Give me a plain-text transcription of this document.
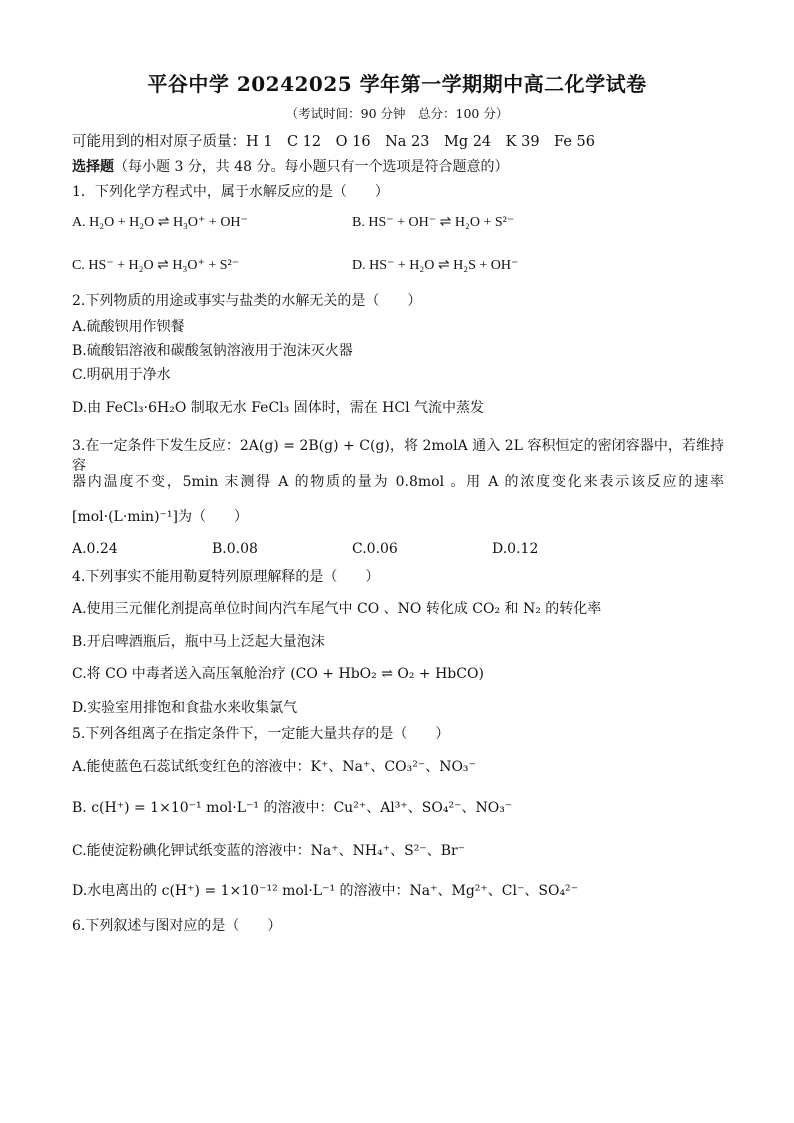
平谷中学 20242025 学年第一学期期中高二化学试卷
（考试时间：90 分钟　总分：100 分）
可能用到的相对原子质量：H 1　C 12　O 16　Na 23　Mg 24　K 39　Fe 56
选择题（每小题 3 分，共 48 分。每小题只有一个选项是符合题意的）
1．下列化学方程式中，属于水解反应的是（　　）
A. H₂O + H₂O ⇌ H₃O⁺ + OH⁻	B. HS⁻ + OH⁻ ⇌ H₂O + S²⁻
C. HS⁻ + H₂O ⇌ H₃O⁺ + S²⁻	D. HS⁻ + H₂O ⇌ H₂S + OH⁻
2.下列物质的用途或事实与盐类的水解无关的是（　　）
A.硫酸钡用作钡餐
B.硫酸铝溶液和碳酸氢钠溶液用于泡沫灭火器
C.明矾用于净水
D.由 FeCl₃·6H₂O 制取无水 FeCl₃ 固体时，需在 HCl 气流中蒸发
3.在一定条件下发生反应：2A(g) = 2B(g) + C(g)，将 2molA 通入 2L 容积恒定的密闭容器中，若维持容
器内温度不变，5min 末测得 A 的物质的量为 0.8mol 。用 A 的浓度变化来表示该反应的速率
[mol·(L·min)⁻¹]为（　　）
A.0.24	B.0.08	C.0.06	D.0.12
4.下列事实不能用勒夏特列原理解释的是（　　）
A.使用三元催化剂提高单位时间内汽车尾气中 CO 、NO 转化成 CO₂ 和 N₂ 的转化率
B.开启啤酒瓶后，瓶中马上泛起大量泡沫
C.将 CO 中毒者送入高压氧舱治疗 (CO + HbO₂ ⇌ O₂ + HbCO)
D.实验室用排饱和食盐水来收集氯气
5.下列各组离子在指定条件下，一定能大量共存的是（　　）
A.能使蓝色石蕊试纸变红色的溶液中：K⁺、Na⁺、CO₃²⁻、NO₃⁻
B. c(H⁺) = 1×10⁻¹ mol·L⁻¹ 的溶液中：Cu²⁺、Al³⁺、SO₄²⁻、NO₃⁻
C.能使淀粉碘化钾试纸变蓝的溶液中：Na⁺、NH₄⁺、S²⁻、Br⁻
D.水电离出的 c(H⁺) = 1×10⁻¹² mol·L⁻¹ 的溶液中：Na⁺、Mg²⁺、Cl⁻、SO₄²⁻
6.下列叙述与图对应的是（　　）
